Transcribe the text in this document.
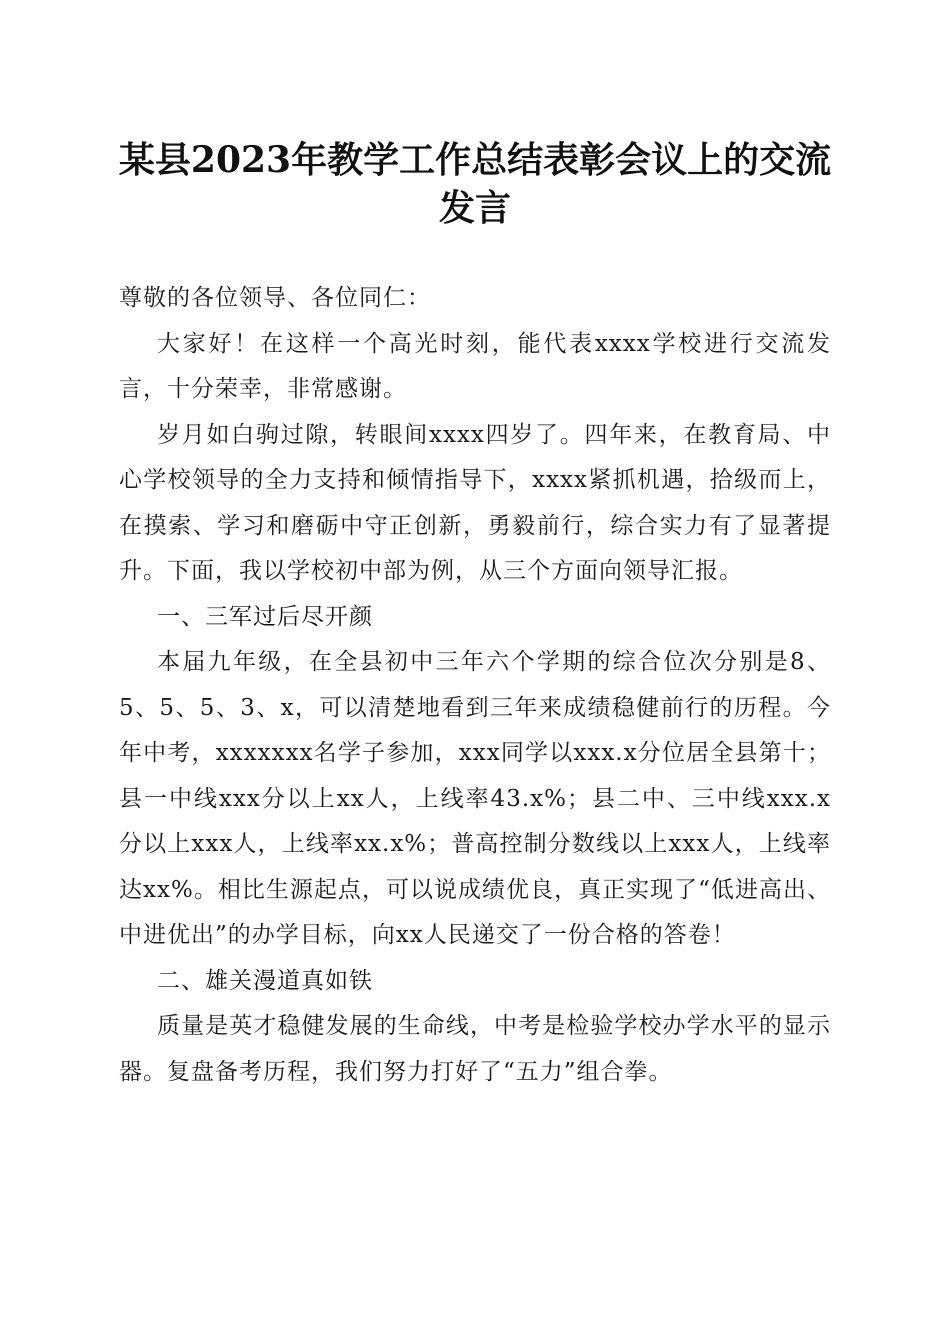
某县2023年教学工作总结表彰会议上的交流
发言

尊敬的各位领导、各位同仁：

大家好！在这样一个高光时刻，能代表xxxx学校进行交流发言，十分荣幸，非常感谢。

岁月如白驹过隙，转眼间xxxx四岁了。四年来，在教育局、中心学校领导的全力支持和倾情指导下，xxxx紧抓机遇，拾级而上，在摸索、学习和磨砺中守正创新，勇毅前行，综合实力有了显著提升。下面，我以学校初中部为例，从三个方面向领导汇报。

一、三军过后尽开颜

本届九年级，在全县初中三年六个学期的综合位次分别是8、5、5、5、3、x，可以清楚地看到三年来成绩稳健前行的历程。今年中考，xxxxxxx名学子参加，xxx同学以xxx.x分位居全县第十；县一中线xxx分以上xx人，上线率43.x%；县二中、三中线xxx.x分以上xxx人，上线率xx.x%；普高控制分数线以上xxx人，上线率达xx%。相比生源起点，可以说成绩优良，真正实现了“低进高出、中进优出”的办学目标，向xx人民递交了一份合格的答卷！

二、雄关漫道真如铁

质量是英才稳健发展的生命线，中考是检验学校办学水平的显示器。复盘备考历程，我们努力打好了“五力”组合拳。
